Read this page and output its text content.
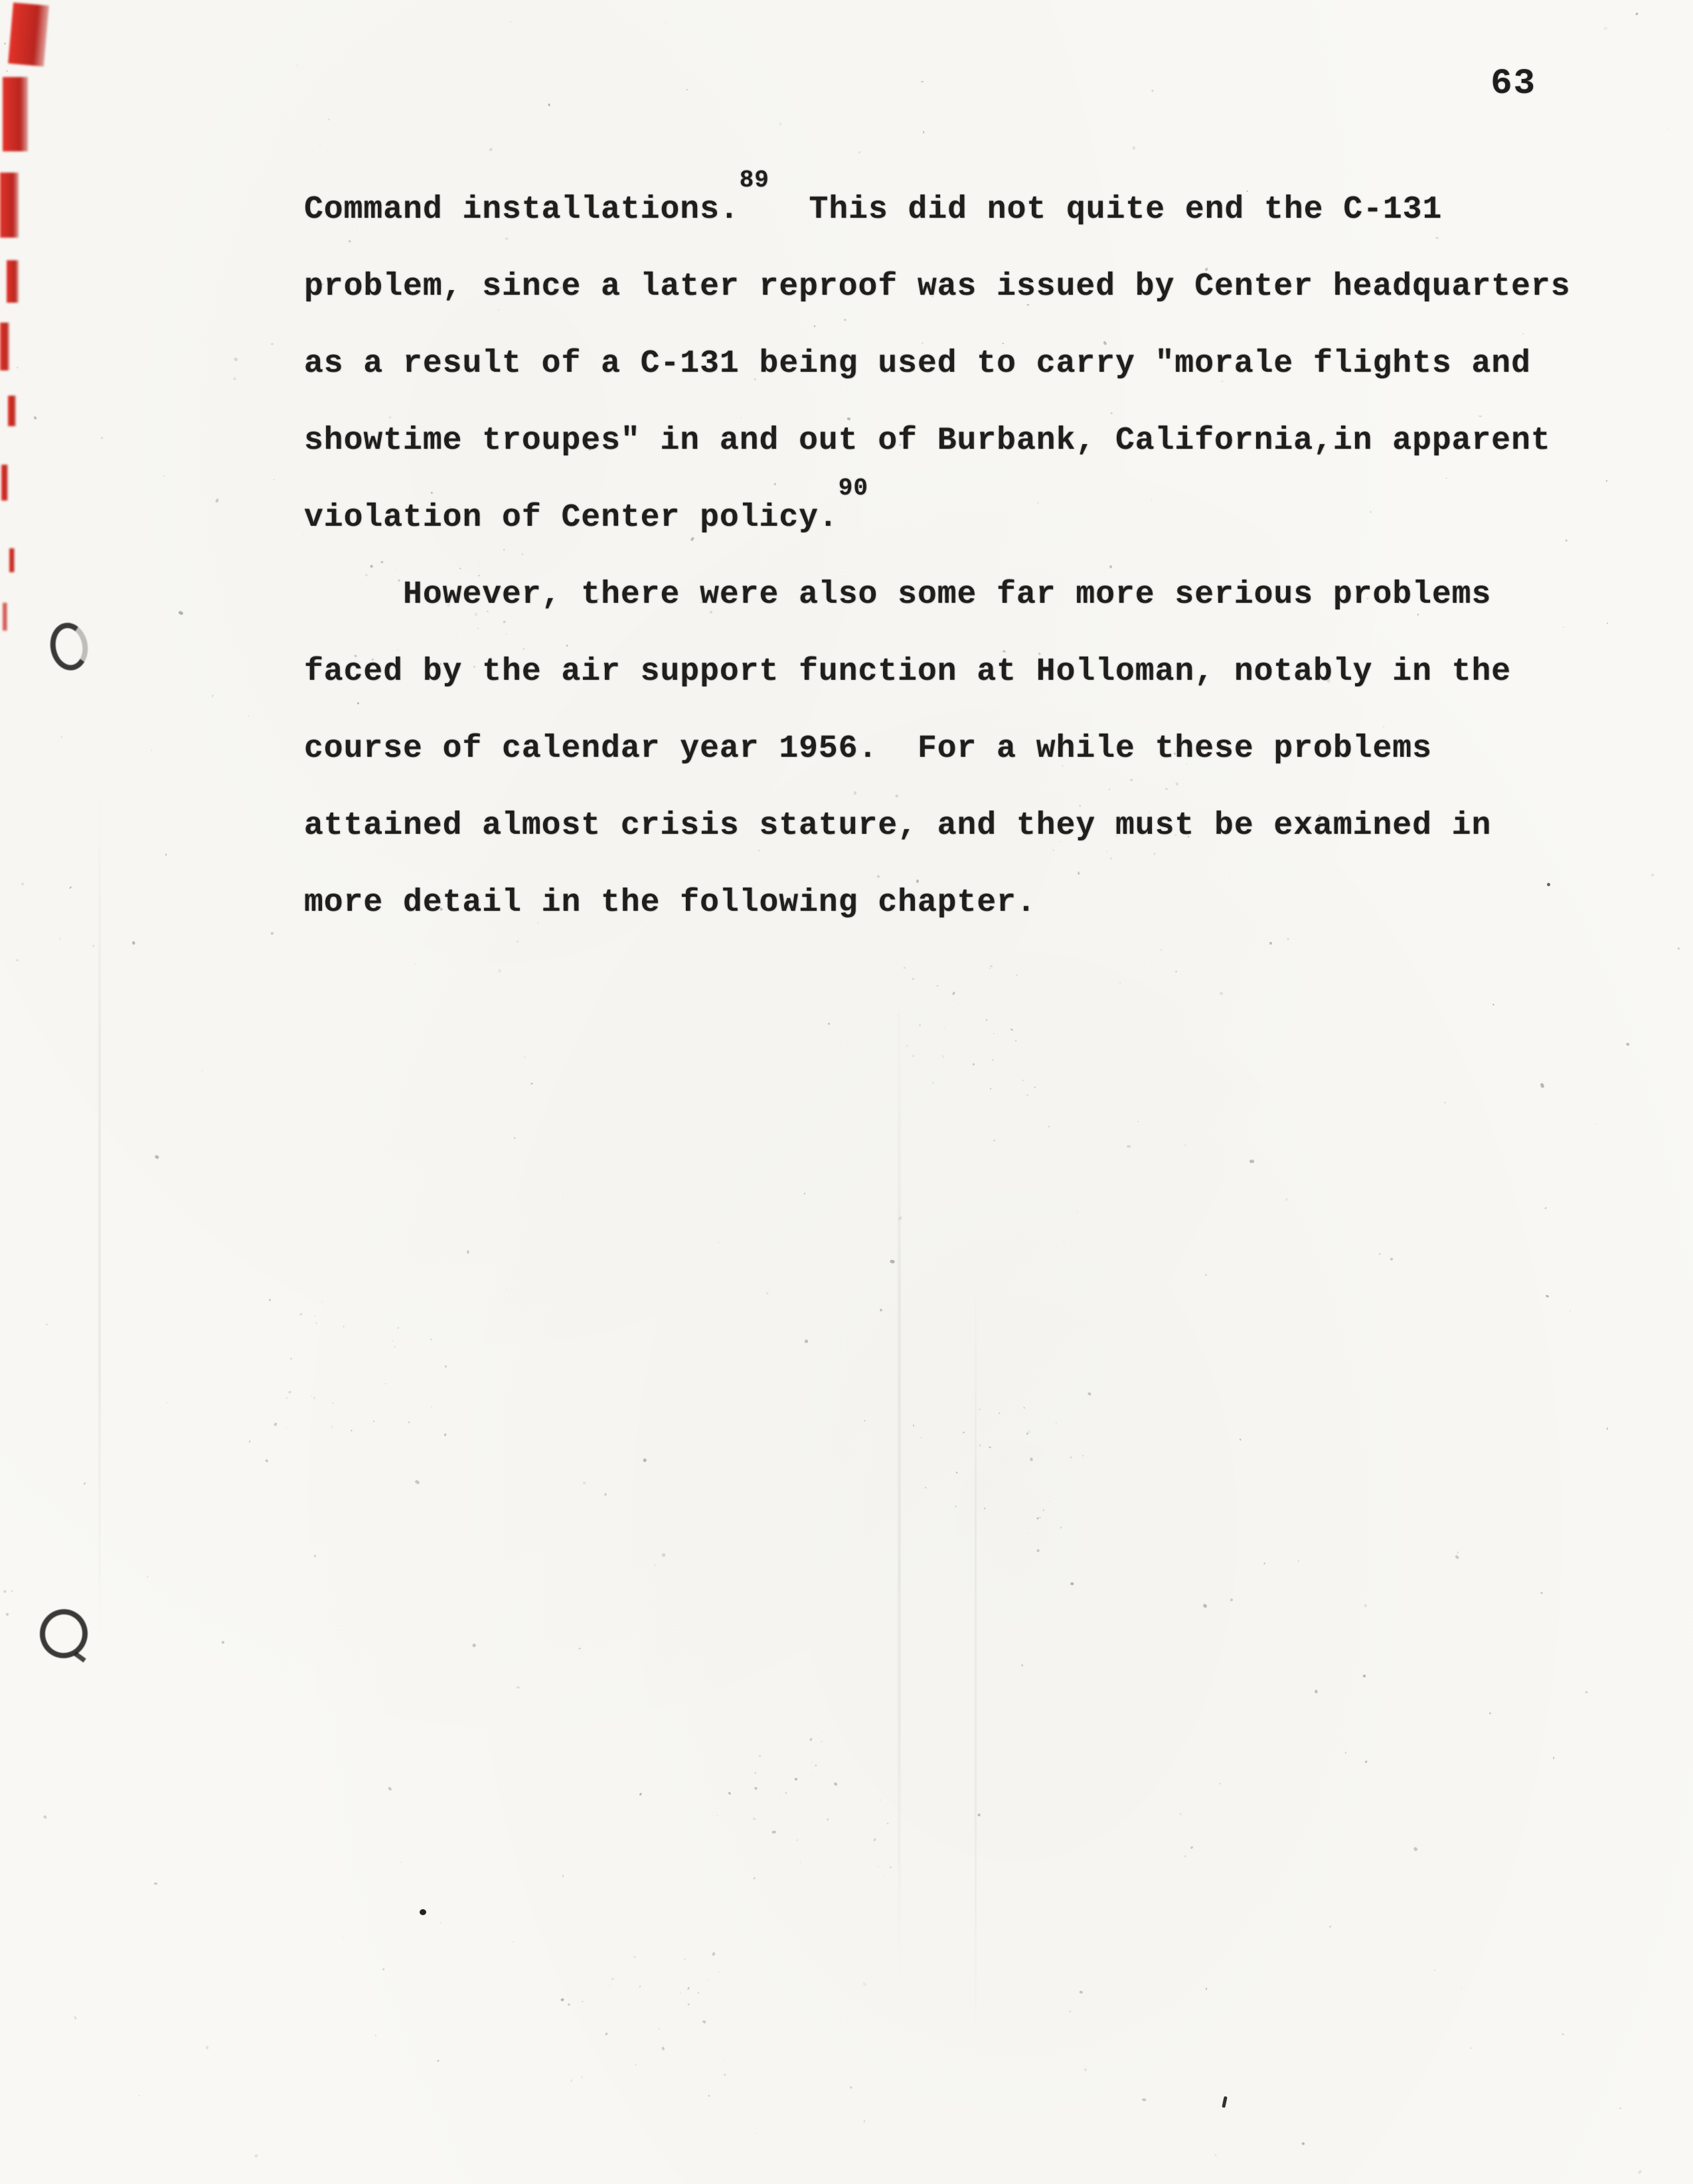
63
Command installations.$^{89}$  This did not quite end the C-131
problem, since a later reproof was issued by Center headquarters
as a result of a C-131 being used to carry "morale flights and
showtime troupes" in and out of Burbank, California,in apparent
violation of Center policy.$^{90}$
However, there were also some far more serious problems
faced by the air support function at Holloman, notably in the
course of calendar year 1956.  For a while these problems
attained almost crisis stature, and they must be examined in
more detail in the following chapter.
